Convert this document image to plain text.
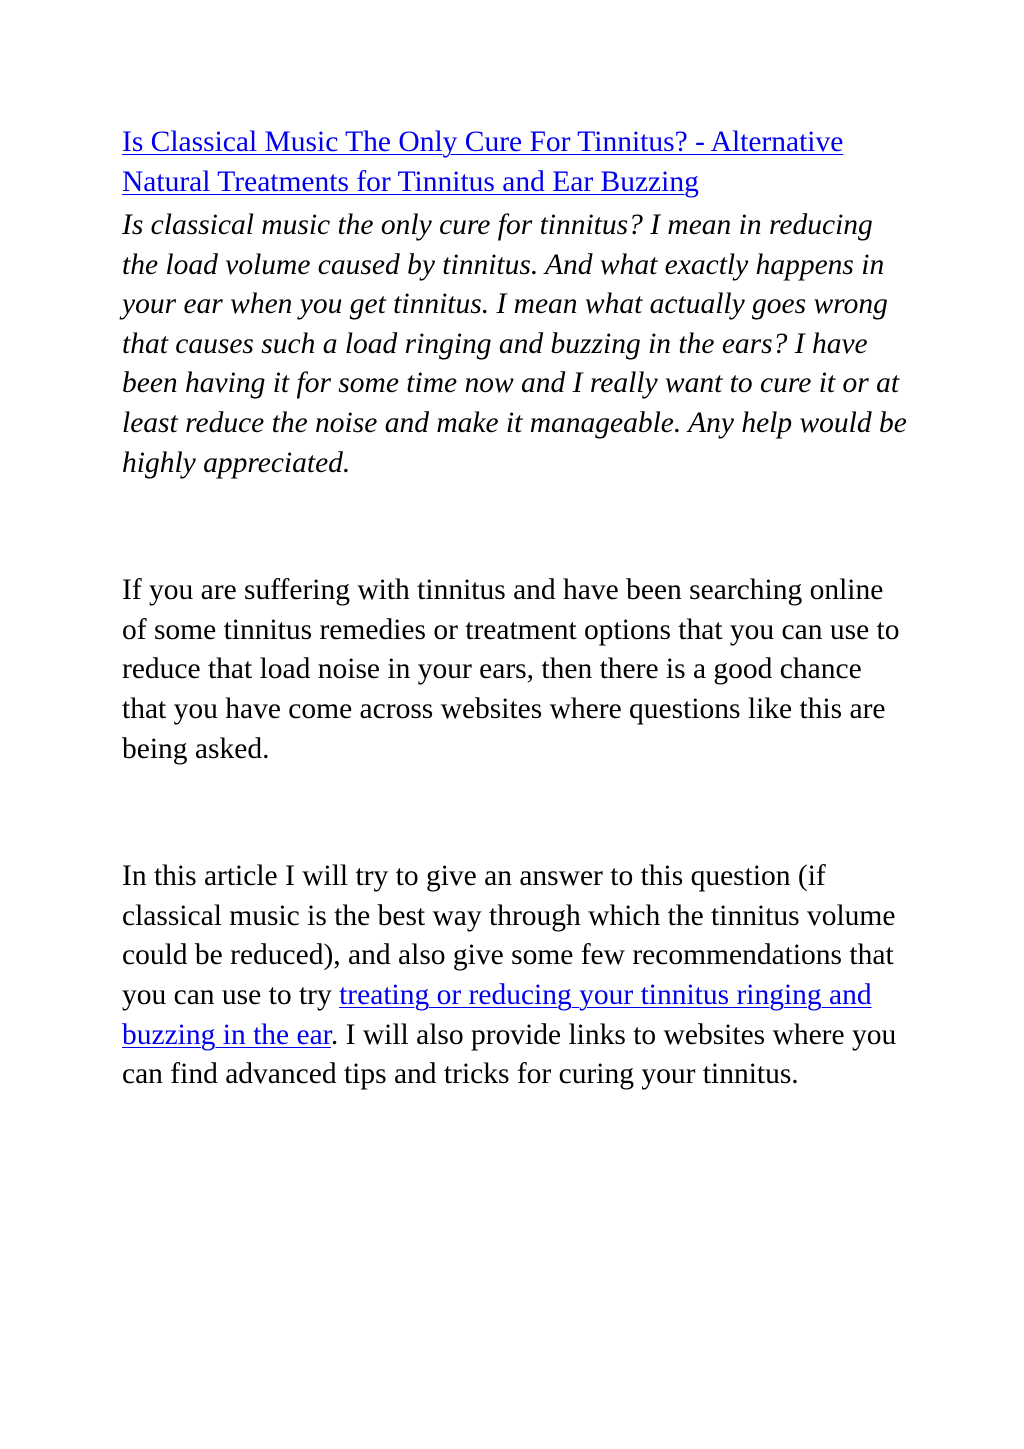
Is Classical Music The Only Cure For Tinnitus? - Alternative Natural Treatments for Tinnitus and Ear Buzzing

Is classical music the only cure for tinnitus? I mean in reducing the load volume caused by tinnitus. And what exactly happens in your ear when you get tinnitus. I mean what actually goes wrong that causes such a load ringing and buzzing in the ears? I have been having it for some time now and I really want to cure it or at least reduce the noise and make it manageable. Any help would be highly appreciated.

If you are suffering with tinnitus and have been searching online of some tinnitus remedies or treatment options that you can use to reduce that load noise in your ears, then there is a good chance that you have come across websites where questions like this are being asked.

In this article I will try to give an answer to this question (if classical music is the best way through which the tinnitus volume could be reduced), and also give some few recommendations that you can use to try treating or reducing your tinnitus ringing and buzzing in the ear. I will also provide links to websites where you can find advanced tips and tricks for curing your tinnitus.
